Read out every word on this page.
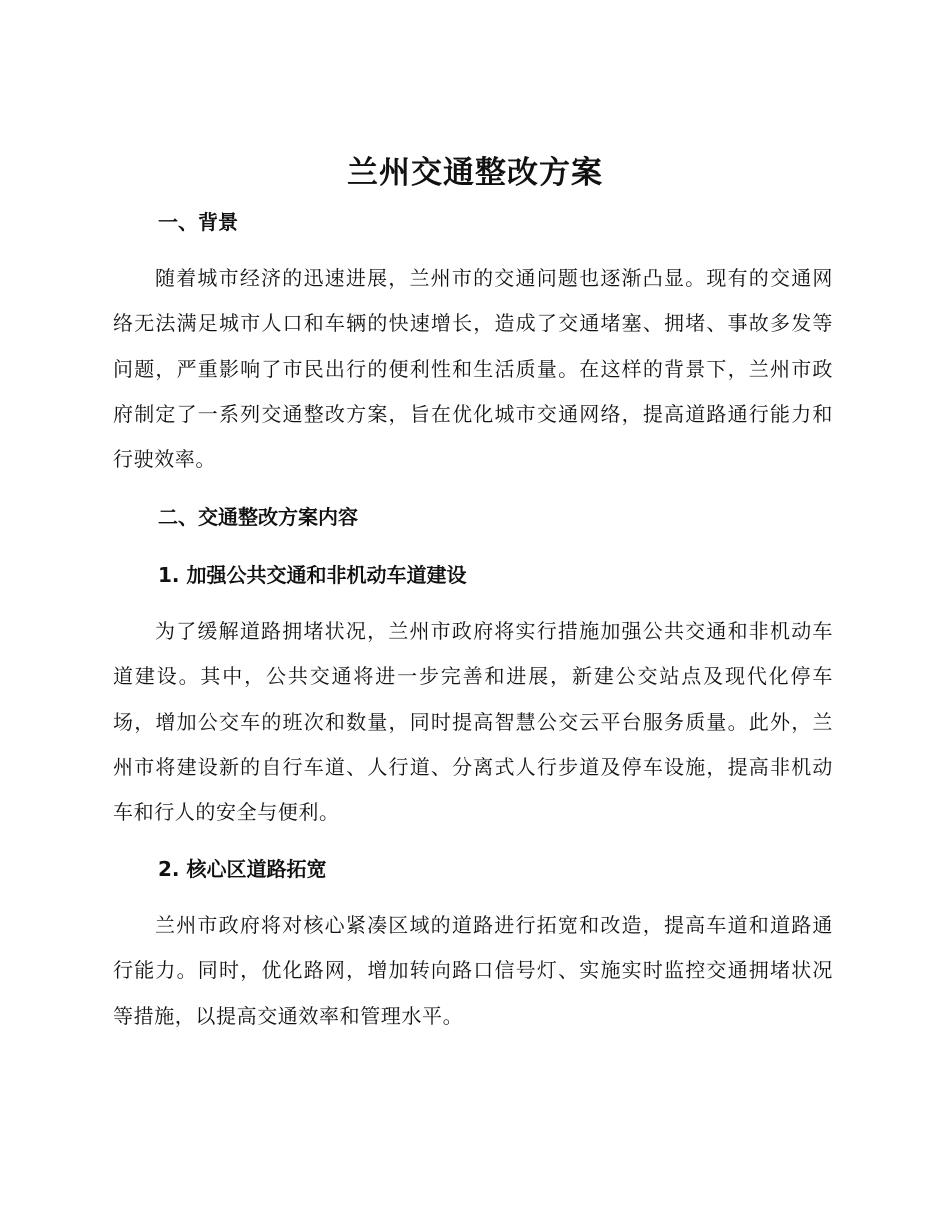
兰州交通整改方案
一、背景

随着城市经济的迅速进展，兰州市的交通问题也逐渐凸显。现有的交通网络无法满足城市人口和车辆的快速增长，造成了交通堵塞、拥堵、事故多发等问题，严重影响了市民出行的便利性和生活质量。在这样的背景下，兰州市政府制定了一系列交通整改方案，旨在优化城市交通网络，提高道路通行能力和行驶效率。

二、交通整改方案内容
1. 加强公共交通和非机动车道建设

为了缓解道路拥堵状况，兰州市政府将实行措施加强公共交通和非机动车道建设。其中，公共交通将进一步完善和进展，新建公交站点及现代化停车场，增加公交车的班次和数量，同时提高智慧公交云平台服务质量。此外，兰州市将建设新的自行车道、人行道、分离式人行步道及停车设施，提高非机动车和行人的安全与便利。

2. 核心区道路拓宽

兰州市政府将对核心紧凑区域的道路进行拓宽和改造，提高车道和道路通行能力。同时，优化路网，增加转向路口信号灯、实施实时监控交通拥堵状况等措施，以提高交通效率和管理水平。
